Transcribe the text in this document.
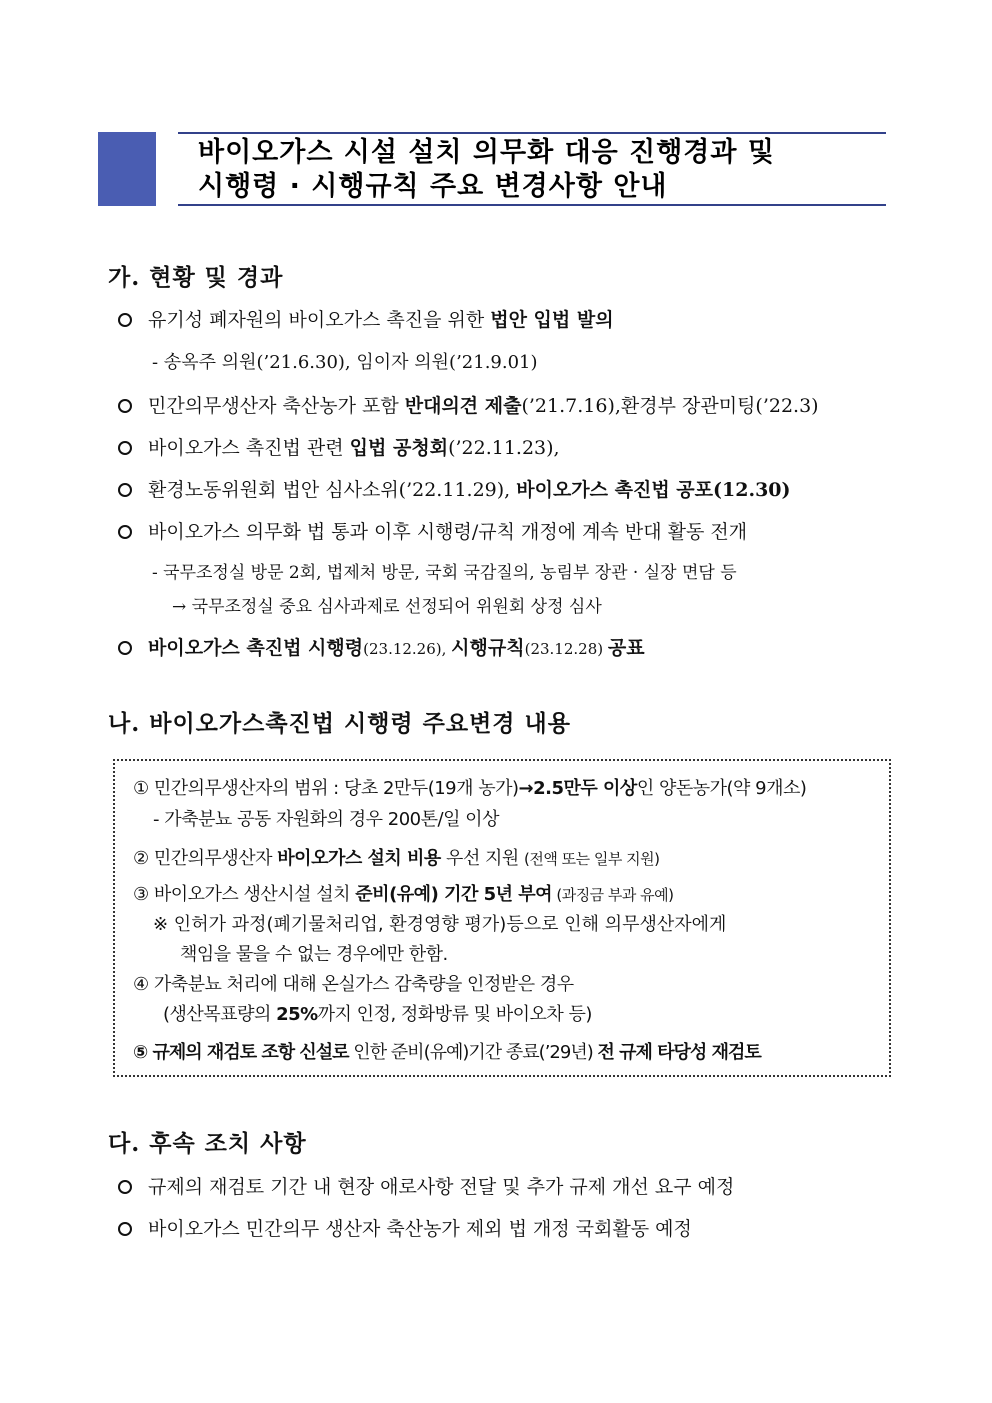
바이오가스 시설 설치 의무화 대응 진행경과 및
시행령 · 시행규칙 주요 변경사항 안내
가. 현황 및 경과
유기성 폐자원의 바이오가스 촉진을 위한 법안 입법 발의
- 송옥주 의원(’21.6.30), 임이자 의원(’21.9.01)
민간의무생산자 축산농가 포함 반대의견 제출(’21.7.16),환경부 장관미팅(’22.3)
바이오가스 촉진법 관련 입법 공청회(’22.11.23),
환경노동위원회 법안 심사소위(’22.11.29), 바이오가스 촉진법 공포(12.30)
바이오가스 의무화 법 통과 이후 시행령/규칙 개정에 계속 반대 활동 전개
- 국무조정실 방문 2회, 법제처 방문, 국회 국감질의, 농림부 장관 · 실장 면담 등
→ 국무조정실 중요 심사과제로 선정되어 위원회 상정 심사
바이오가스 촉진법 시행령(23.12.26), 시행규칙(23.12.28) 공표
나. 바이오가스촉진법 시행령 주요변경 내용
① 민간의무생산자의 범위 : 당초 2만두(19개 농가)→2.5만두 이상인 양돈농가(약 9개소)
- 가축분뇨 공동 자원화의 경우 200톤/일 이상
② 민간의무생산자 바이오가스 설치 비용 우선 지원 (전액 또는 일부 지원)
③ 바이오가스 생산시설 설치 준비(유예) 기간 5년 부여 (과징금 부과 유예)
※ 인허가 과정(폐기물처리업, 환경영향 평가)등으로 인해 의무생산자에게
책임을 물을 수 없는 경우에만 한함.
④ 가축분뇨 처리에 대해 온실가스 감축량을 인정받은 경우
(생산목표량의 25%까지 인정, 정화방류 및 바이오차 등)
⑤ 규제의 재검토 조항 신설로 인한 준비(유예)기간 종료(’29년) 전 규제 타당성 재검토
다. 후속 조치 사항
규제의 재검토 기간 내 현장 애로사항 전달 및 추가 규제 개선 요구 예정
바이오가스 민간의무 생산자 축산농가 제외 법 개정 국회활동 예정
